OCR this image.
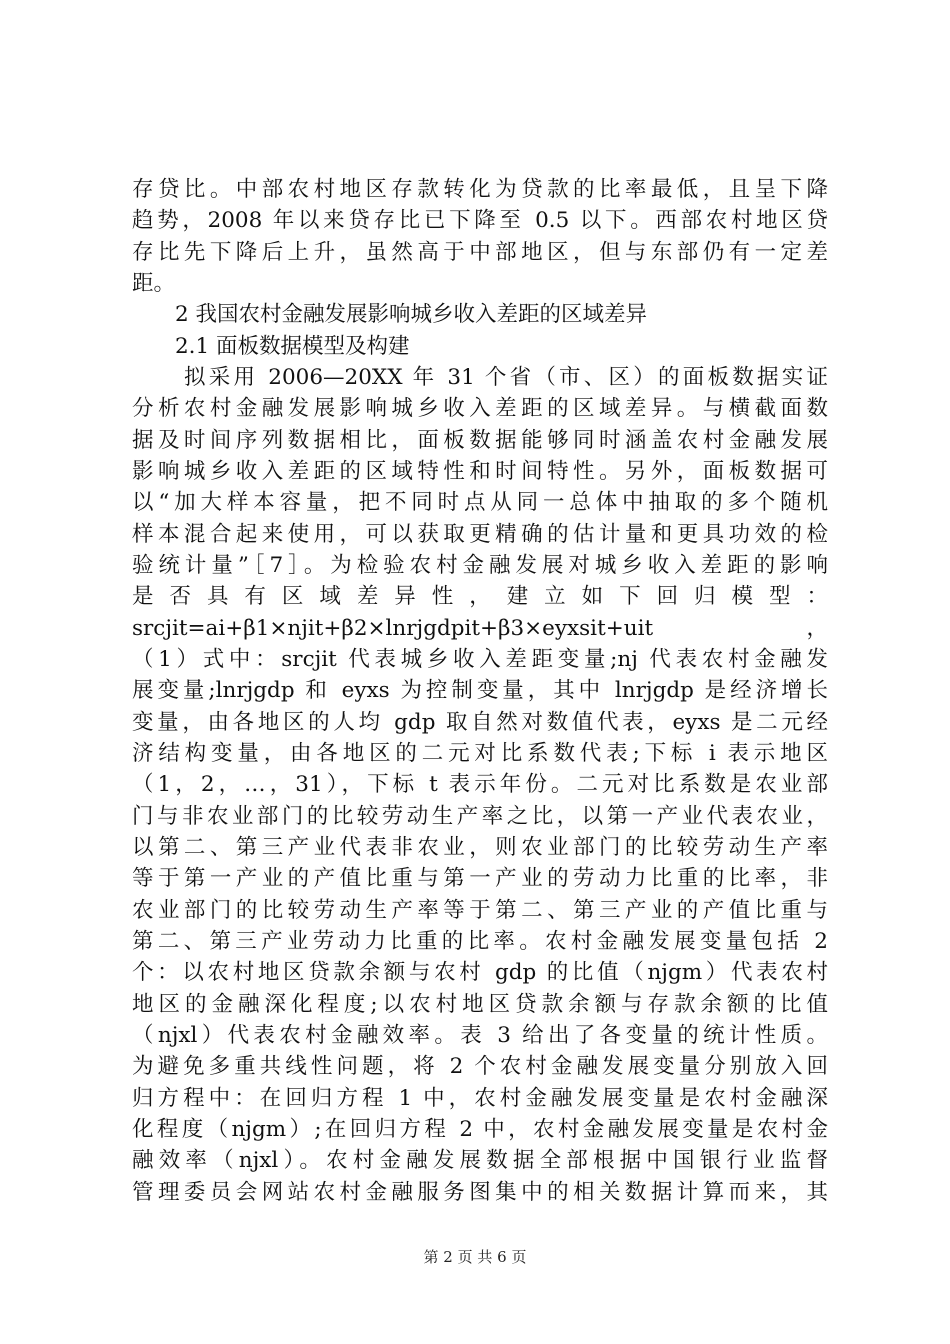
存贷比。中部农村地区存款转化为贷款的比率最低，且呈下降
趋势，2008 年以来贷存比已下降至 0.5 以下。西部农村地区贷
存比先下降后上升，虽然高于中部地区，但与东部仍有一定差
距。
2 我国农村金融发展影响城乡收入差距的区域差异
2.1 面板数据模型及构建
拟采用 2006—20XX 年 31 个省（市、区）的面板数据实证
分析农村金融发展影响城乡收入差距的区域差异。与横截面数
据及时间序列数据相比，面板数据能够同时涵盖农村金融发展
影响城乡收入差距的区域特性和时间特性。另外，面板数据可
以“加大样本容量，把不同时点从同一总体中抽取的多个随机
样本混合起来使用，可以获取更精确的估计量和更具功效的检
验统计量”［7］。为检验农村金融发展对城乡收入差距的影响
是 否 具 有 区 域 差 异 性 ， 建 立 如 下 回 归 模 型 ：
srcjit=ai+β1×njit+β2×lnrjgdpit+β3×eyxsit+uit ，
（1）式中：srcjit 代表城乡收入差距变量;nj 代表农村金融发
展变量;lnrjgdp 和 eyxs 为控制变量，其中 lnrjgdp 是经济增长
变量，由各地区的人均 gdp 取自然对数值代表，eyxs 是二元经
济结构变量，由各地区的二元对比系数代表;下标 i 表示地区
（1，2，…，31），下标 t 表示年份。二元对比系数是农业部
门与非农业部门的比较劳动生产率之比，以第一产业代表农业，
以第二、第三产业代表非农业，则农业部门的比较劳动生产率
等于第一产业的产值比重与第一产业的劳动力比重的比率，非
农业部门的比较劳动生产率等于第二、第三产业的产值比重与
第二、第三产业劳动力比重的比率。农村金融发展变量包括 2
个：以农村地区贷款余额与农村 gdp 的比值（njgm）代表农村
地区的金融深化程度;以农村地区贷款余额与存款余额的比值
（njxl）代表农村金融效率。表 3 给出了各变量的统计性质。
为避免多重共线性问题，将 2 个农村金融发展变量分别放入回
归方程中：在回归方程 1 中，农村金融发展变量是农村金融深
化程度（njgm）;在回归方程 2 中，农村金融发展变量是农村金
融效率（njxl）。农村金融发展数据全部根据中国银行业监督
管理委员会网站农村金融服务图集中的相关数据计算而来，其
第 2 页 共 6 页
